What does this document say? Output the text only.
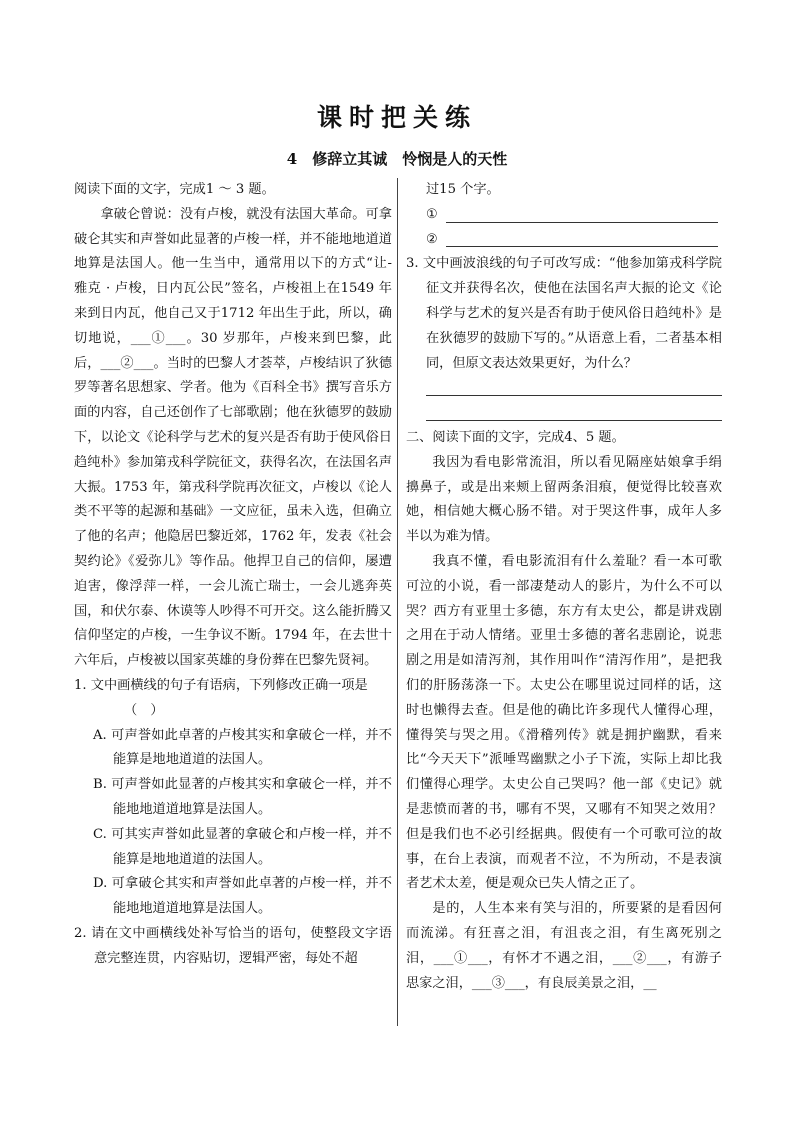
课时把关练
4　修辞立其诚　怜悯是人的天性

阅读下面的文字，完成1 ～ 3 题。

拿破仑曾说：没有卢梭，就没有法国大革命。可拿破仑其实和声誉如此显著的卢梭一样，并不能地地道道地算是法国人。他一生当中，通常用以下的方式“让- 雅克 · 卢梭，日内瓦公民”签名，卢梭祖上在1549 年来到日内瓦，他自己又于1712 年出生于此，所以，确切地说，___①___。30 岁那年，卢梭来到巴黎，此后，___②___。当时的巴黎人才荟萃，卢梭结识了狄德罗等著名思想家、学者。他为《百科全书》撰写音乐方面的内容，自己还创作了七部歌剧；他在狄德罗的鼓励下，以论文《论科学与艺术的复兴是否有助于使风俗日趋纯朴》参加第戎科学院征文，获得名次，在法国名声大振。1753 年，第戎科学院再次征文，卢梭以《论人类不平等的起源和基础》一文应征，虽未入选，但确立了他的名声；他隐居巴黎近郊，1762 年，发表《社会契约论》《爱弥儿》等作品。他捍卫自己的信仰，屡遭迫害，像浮萍一样，一会儿流亡瑞士，一会儿逃奔英国，和伏尔泰、休谟等人吵得不可开交。这么能折腾又信仰坚定的卢梭，一生争议不断。1794 年，在去世十六年后，卢梭被以国家英雄的身份葬在巴黎先贤祠。

1. 文中画横线的句子有语病，下列修改正确一项是

（　）

A. 可声誉如此卓著的卢梭其实和拿破仑一样，并不能算是地地道道的法国人。

B. 可声誉如此显著的卢梭其实和拿破仑一样，并不能地地道道地算是法国人。

C. 可其实声誉如此显著的拿破仑和卢梭一样，并不能算是地地道道的法国人。

D. 可拿破仑其实和声誉如此卓著的卢梭一样，并不能地地道道地算是法国人。

2. 请在文中画横线处补写恰当的语句，使整段文字语意完整连贯，内容贴切，逻辑严密，每处不超

过15 个字。

①
②

3. 文中画波浪线的句子可改写成：“他参加第戎科学院征文并获得名次，使他在法国名声大振的论文《论科学与艺术的复兴是否有助于使风俗日趋纯朴》是在狄德罗的鼓励下写的。”从语意上看，二者基本相同，但原文表达效果更好，为什么？

二、阅读下面的文字，完成4、5 题。

我因为看电影常流泪，所以看见隔座姑娘拿手绢擤鼻子，或是出来颊上留两条泪痕，便觉得比较喜欢她，相信她大概心肠不错。对于哭这件事，成年人多半以为难为情。

我真不懂，看电影流泪有什么羞耻？看一本可歌可泣的小说，看一部凄楚动人的影片，为什么不可以哭？西方有亚里士多德，东方有太史公，都是讲戏剧之用在于动人情绪。亚里士多德的著名悲剧论，说悲剧之用是如清泻剂，其作用叫作“清泻作用”，是把我们的肝肠荡涤一下。太史公在哪里说过同样的话，这时也懒得去查。但是他的确比许多现代人懂得心理，懂得笑与哭之用。《滑稽列传》就是拥护幽默，看来比“今天天下”派唾骂幽默之小子下流，实际上却比我们懂得心理学。太史公自己哭吗？他一部《史记》就是悲愤而著的书，哪有不哭，又哪有不知哭之效用？但是我们也不必引经据典。假使有一个可歌可泣的故事，在台上表演，而观者不泣，不为所动，不是表演者艺术太差，便是观众已失人情之正了。

是的，人生本来有笑与泪的，所要紧的是看因何而流涕。有狂喜之泪，有沮丧之泪，有生离死别之泪，___①___，有怀才不遇之泪，___②___，有游子思家之泪，___③___，有良辰美景之泪，__
